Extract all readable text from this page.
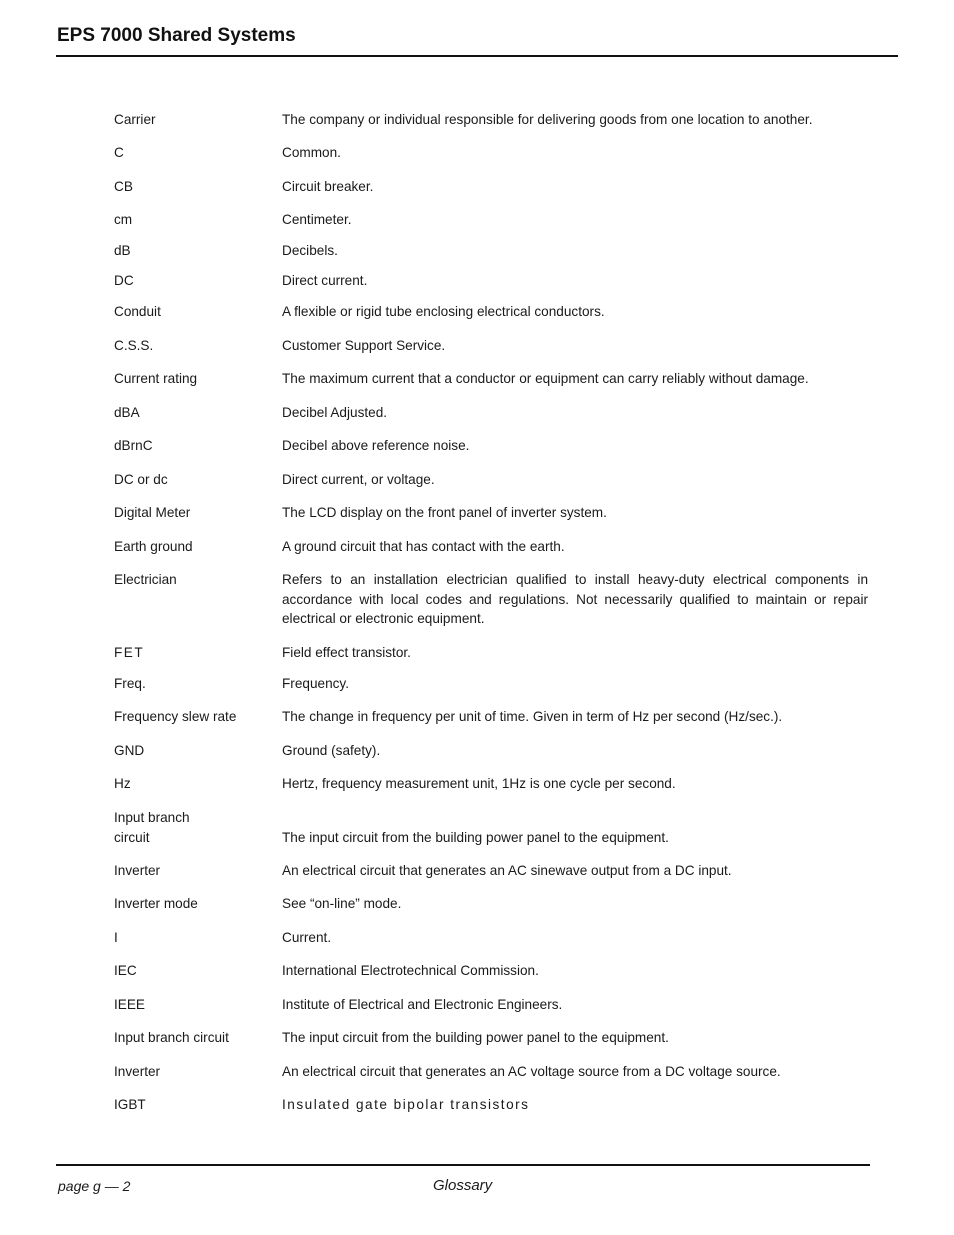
EPS 7000 Shared Systems
Carrier	The company or individual responsible for delivering goods from one location to another.
C	Common.
CB	Circuit breaker.
cm	Centimeter.
dB	Decibels.
DC	Direct current.
Conduit	A flexible or rigid tube enclosing electrical conductors.
C.S.S.	Customer Support Service.
Current rating	The maximum current that a conductor or equipment can carry reliably without damage.
dBA	Decibel Adjusted.
dBrnC	Decibel above reference noise.
DC or dc	Direct current, or voltage.
Digital Meter	The LCD display on the front panel of inverter system.
Earth ground	A ground circuit that has contact with the earth.
Electrician	Refers to an installation electrician qualified to install heavy-duty electrical components in accordance with local codes and regulations. Not necessarily qualified to maintain or repair electrical or electronic equipment.
FET	Field effect transistor.
Freq.	Frequency.
Frequency slew rate	The change in frequency per unit of time. Given in term of Hz per second (Hz/sec.).
GND	Ground (safety).
Hz	Hertz, frequency measurement unit, 1Hz is one cycle per second.
Input branch circuit	The input circuit from the building power panel to the equipment.
Inverter	An electrical circuit that generates an AC sinewave output from a DC input.
Inverter mode	See “on-line” mode.
I	Current.
IEC	International Electrotechnical Commission.
IEEE	Institute of Electrical and Electronic Engineers.
Input branch circuit	The input circuit from the building power panel to the equipment.
Inverter	An electrical circuit that generates an AC voltage source from a DC voltage source.
IGBT	Insulated gate bipolar transistors
page g — 2	Glossary
